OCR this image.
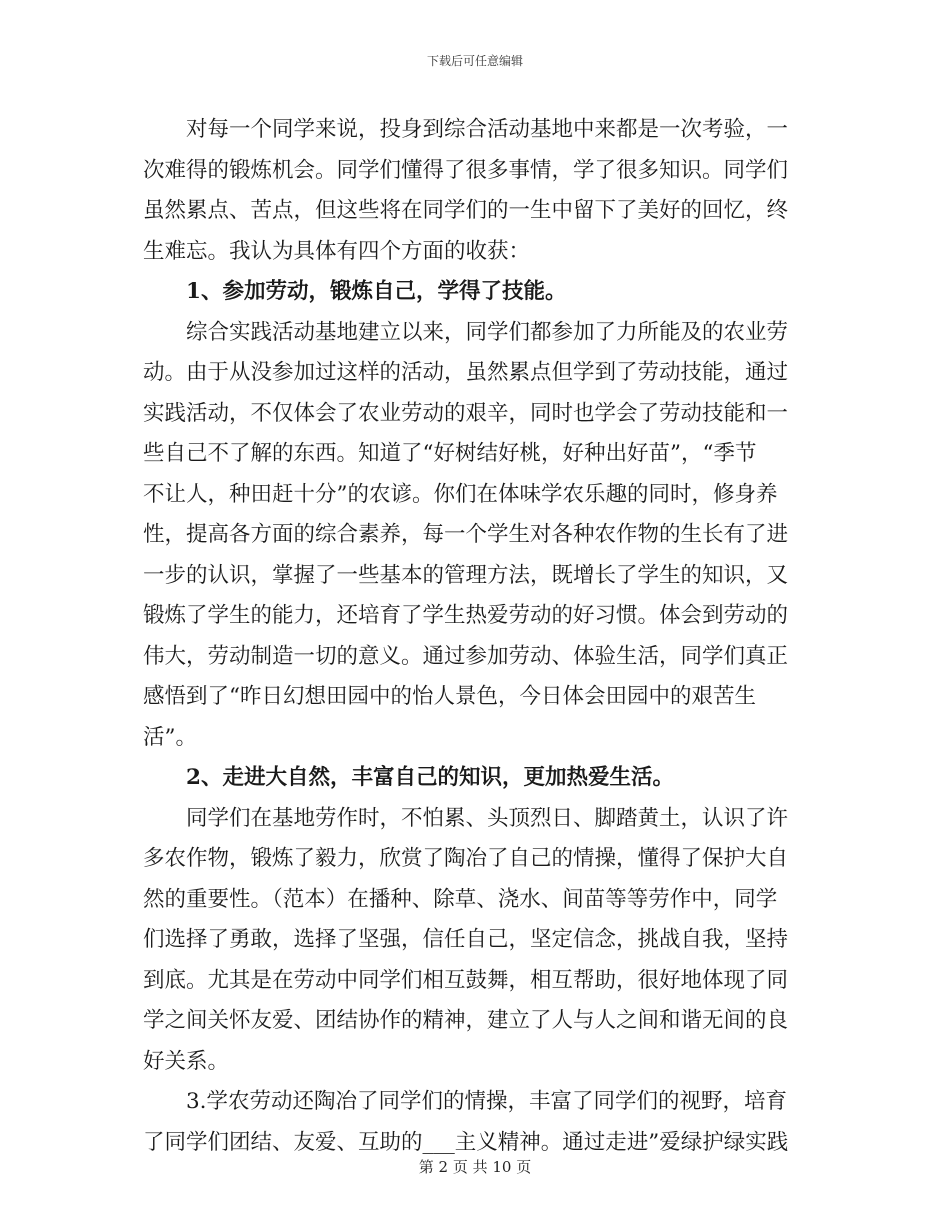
下载后可任意编辑
对每一个同学来说，投身到综合活动基地中来都是一次考验，一
次难得的锻炼机会。同学们懂得了很多事情，学了很多知识。同学们
虽然累点、苦点，但这些将在同学们的一生中留下了美好的回忆，终
生难忘。我认为具体有四个方面的收获：
1、参加劳动，锻炼自己，学得了技能。
综合实践活动基地建立以来，同学们都参加了力所能及的农业劳
动。由于从没参加过这样的活动，虽然累点但学到了劳动技能，通过
实践活动，不仅体会了农业劳动的艰辛，同时也学会了劳动技能和一
些自己不了解的东西。知道了“好树结好桃，好种出好苗”，“季节
不让人，种田赶十分”的农谚。你们在体味学农乐趣的同时，修身养
性，提高各方面的综合素养，每一个学生对各种农作物的生长有了进
一步的认识，掌握了一些基本的管理方法，既增长了学生的知识，又
锻炼了学生的能力，还培育了学生热爱劳动的好习惯。体会到劳动的
伟大，劳动制造一切的意义。通过参加劳动、体验生活，同学们真正
感悟到了“昨日幻想田园中的怡人景色，今日体会田园中的艰苦生
活”。
2、走进大自然，丰富自己的知识，更加热爱生活。
同学们在基地劳作时，不怕累、头顶烈日、脚踏黄土，认识了许
多农作物，锻炼了毅力，欣赏了陶冶了自己的情操，懂得了保护大自
然的重要性。（范本）在播种、除草、浇水、间苗等等劳作中，同学
们选择了勇敢，选择了坚强，信任自己，坚定信念，挑战自我，坚持
到底。尤其是在劳动中同学们相互鼓舞，相互帮助，很好地体现了同
学之间关怀友爱、团结协作的精神，建立了人与人之间和谐无间的良
好关系。
3.学农劳动还陶冶了同学们的情操，丰富了同学们的视野，培育
了同学们团结、友爱、互助的___主义精神。通过走进”爱绿护绿实践
第 2 页 共 10 页
